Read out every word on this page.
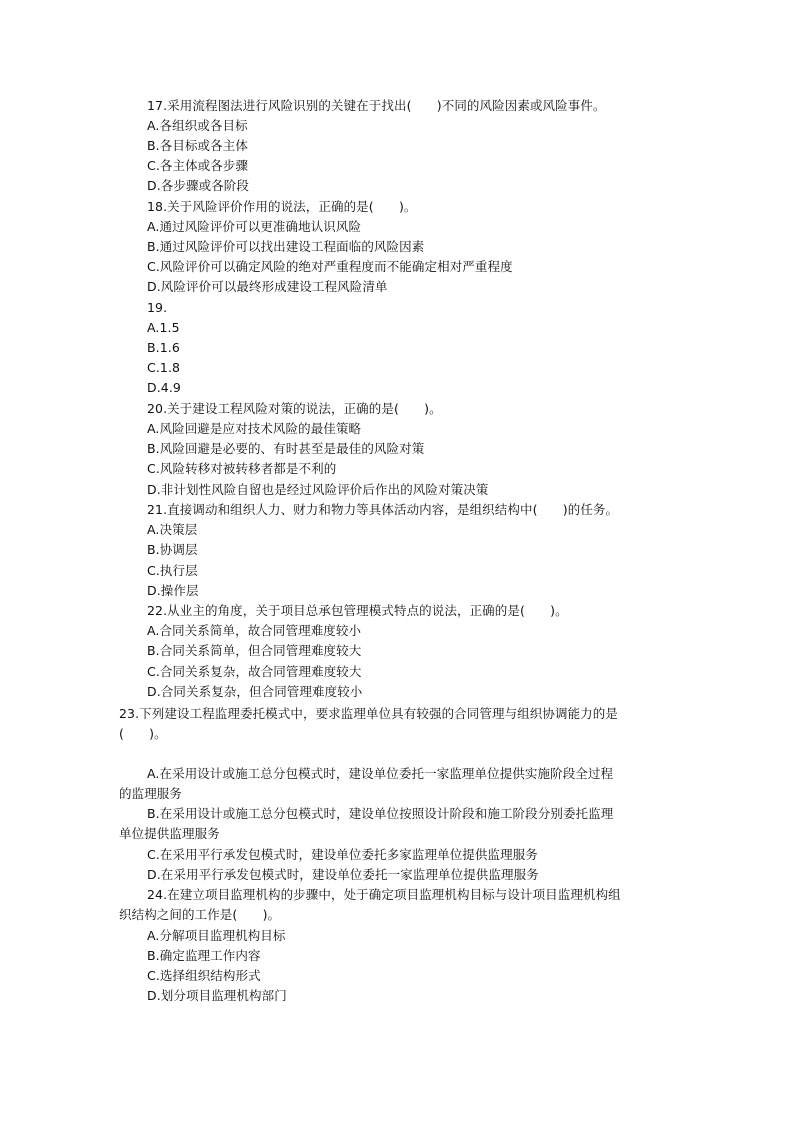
17.采用流程图法进行风险识别的关键在于找出(　　)不同的风险因素或风险事件。
A.各组织或各目标
B.各目标或各主体
C.各主体或各步骤
D.各步骤或各阶段
18.关于风险评价作用的说法，正确的是(　　)。
A.通过风险评价可以更准确地认识风险
B.通过风险评价可以找出建设工程面临的风险因素
C.风险评价可以确定风险的绝对严重程度而不能确定相对严重程度
D.风险评价可以最终形成建设工程风险清单
19.
A.1.5
B.1.6
C.1.8
D.4.9
20.关于建设工程风险对策的说法，正确的是(　　)。
A.风险回避是应对技术风险的最佳策略
B.风险回避是必要的、有时甚至是最佳的风险对策
C.风险转移对被转移者都是不利的
D.非计划性风险自留也是经过风险评价后作出的风险对策决策
21.直接调动和组织人力、财力和物力等具体活动内容，是组织结构中(　　)的任务。
A.决策层
B.协调层
C.执行层
D.操作层
22.从业主的角度，关于项目总承包管理模式特点的说法，正确的是(　　)。
A.合同关系简单，故合同管理难度较小
B.合同关系简单，但合同管理难度较大
C.合同关系复杂，故合同管理难度较大
D.合同关系复杂，但合同管理难度较小
23.下列建设工程监理委托模式中，要求监理单位具有较强的合同管理与组织协调能力的是
(　　)。
A.在采用设计或施工总分包模式时，建设单位委托一家监理单位提供实施阶段全过程
的监理服务
B.在采用设计或施工总分包模式时，建设单位按照设计阶段和施工阶段分别委托监理
单位提供监理服务
C.在采用平行承发包模式时，建设单位委托多家监理单位提供监理服务
D.在采用平行承发包模式时，建设单位委托一家监理单位提供监理服务
24.在建立项目监理机构的步骤中，处于确定项目监理机构目标与设计项目监理机构组
织结构之间的工作是(　　)。
A.分解项目监理机构目标
B.确定监理工作内容
C.选择组织结构形式
D.划分项目监理机构部门
